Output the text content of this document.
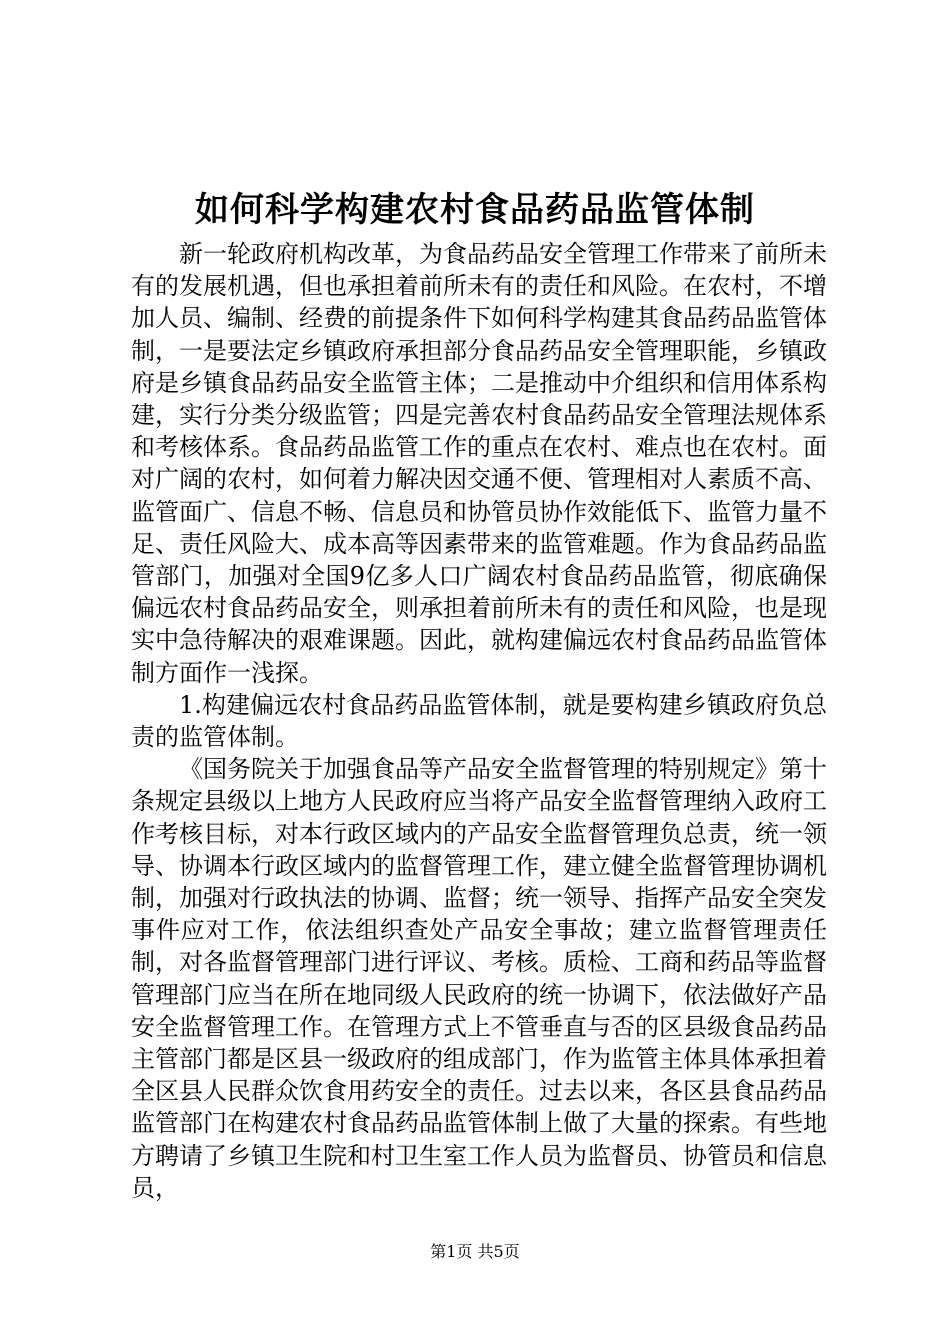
如何科学构建农村食品药品监管体制

新一轮政府机构改革，为食品药品安全管理工作带来了前所未有的发展机遇，但也承担着前所未有的责任和风险。在农村，不增加人员、编制、经费的前提条件下如何科学构建其食品药品监管体制，一是要法定乡镇政府承担部分食品药品安全管理职能，乡镇政府是乡镇食品药品安全监管主体；二是推动中介组织和信用体系构建，实行分类分级监管；四是完善农村食品药品安全管理法规体系和考核体系。食品药品监管工作的重点在农村、难点也在农村。面对广阔的农村，如何着力解决因交通不便、管理相对人素质不高、监管面广、信息不畅、信息员和协管员协作效能低下、监管力量不足、责任风险大、成本高等因素带来的监管难题。作为食品药品监管部门，加强对全国9亿多人口广阔农村食品药品监管，彻底确保偏远农村食品药品安全，则承担着前所未有的责任和风险，也是现实中急待解决的艰难课题。因此，就构建偏远农村食品药品监管体制方面作一浅探。

1.构建偏远农村食品药品监管体制，就是要构建乡镇政府负总责的监管体制。

《国务院关于加强食品等产品安全监督管理的特别规定》第十条规定县级以上地方人民政府应当将产品安全监督管理纳入政府工作考核目标，对本行政区域内的产品安全监督管理负总责，统一领导、协调本行政区域内的监督管理工作，建立健全监督管理协调机制，加强对行政执法的协调、监督；统一领导、指挥产品安全突发事件应对工作，依法组织查处产品安全事故；建立监督管理责任制，对各监督管理部门进行评议、考核。质检、工商和药品等监督管理部门应当在所在地同级人民政府的统一协调下，依法做好产品安全监督管理工作。在管理方式上不管垂直与否的区县级食品药品主管部门都是区县一级政府的组成部门，作为监管主体具体承担着全区县人民群众饮食用药安全的责任。过去以来，各区县食品药品监管部门在构建农村食品药品监管体制上做了大量的探索。有些地方聘请了乡镇卫生院和村卫生室工作人员为监督员、协管员和信息员，

第1页 共5页
